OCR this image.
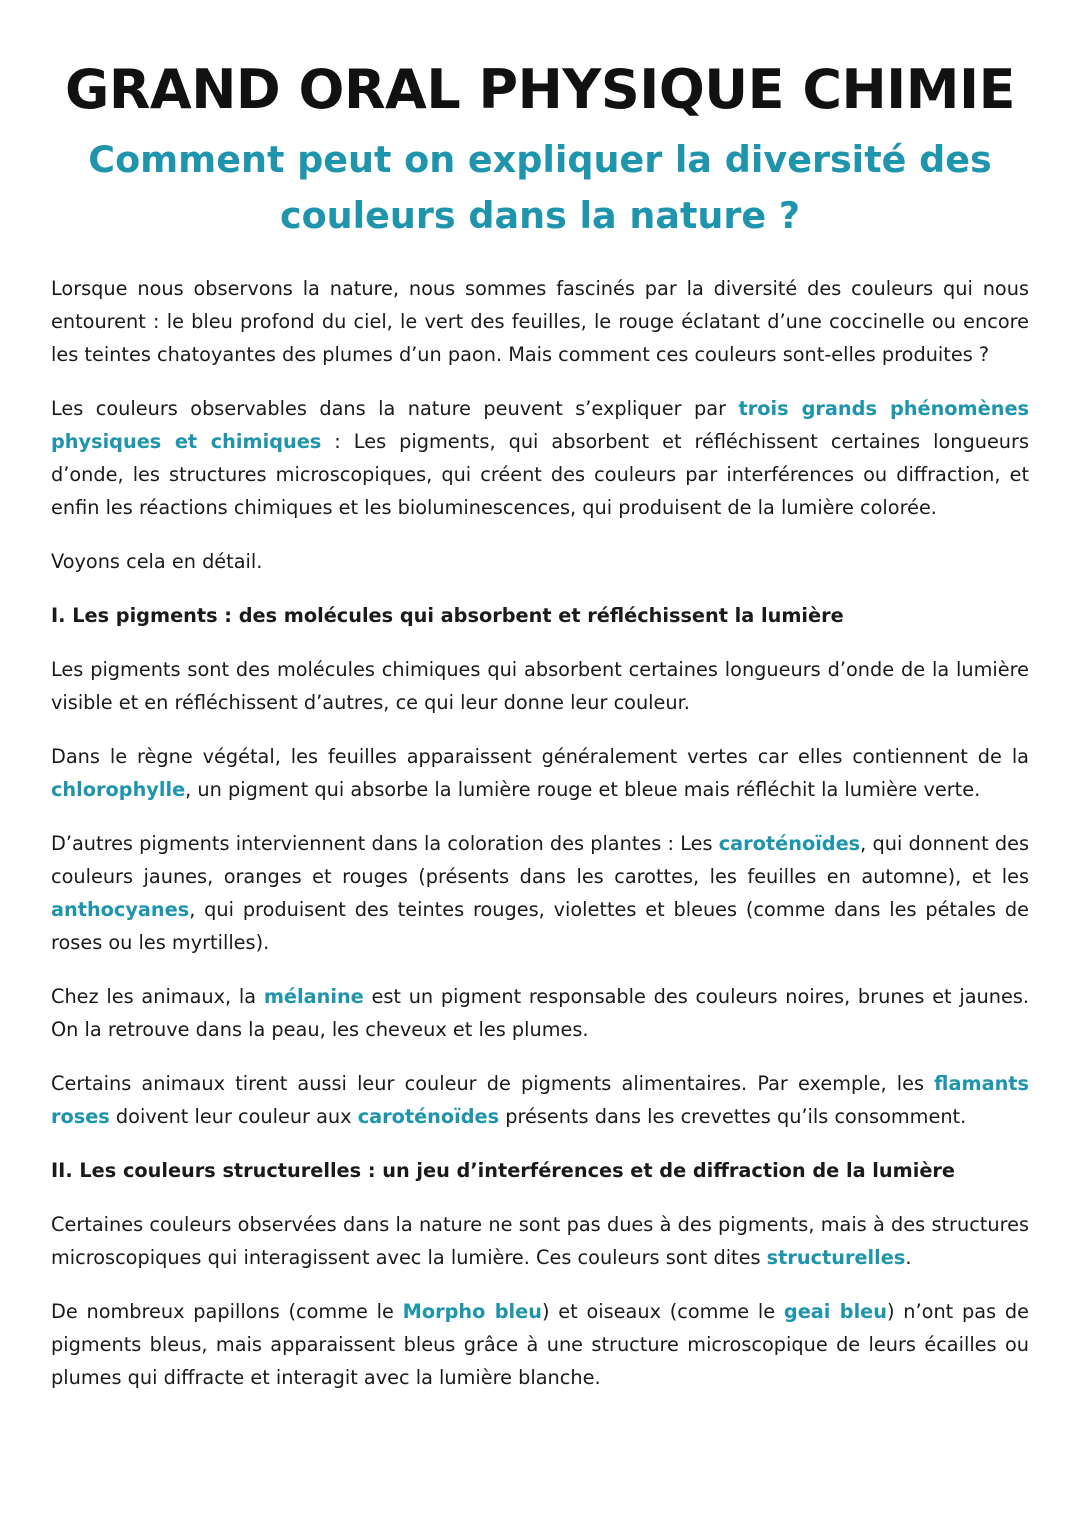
GRAND ORAL PHYSIQUE CHIMIE
Comment peut on expliquer la diversité des
couleurs dans la nature ?

Lorsque nous observons la nature, nous sommes fascinés par la diversité des couleurs qui nous entourent : le bleu profond du ciel, le vert des feuilles, le rouge éclatant d’une coccinelle ou encore les teintes chatoyantes des plumes d’un paon. Mais comment ces couleurs sont-elles produites ?

Les couleurs observables dans la nature peuvent s’expliquer par trois grands phénomènes physiques et chimiques : Les pigments, qui absorbent et réfléchissent certaines longueurs d’onde, les structures microscopiques, qui créent des couleurs par interférences ou diffraction, et enfin les réactions chimiques et les bioluminescences, qui produisent de la lumière colorée.

Voyons cela en détail.

I. Les pigments : des molécules qui absorbent et réfléchissent la lumière

Les pigments sont des molécules chimiques qui absorbent certaines longueurs d’onde de la lumière visible et en réfléchissent d’autres, ce qui leur donne leur couleur.

Dans le règne végétal, les feuilles apparaissent généralement vertes car elles contiennent de la chlorophylle, un pigment qui absorbe la lumière rouge et bleue mais réfléchit la lumière verte.

D’autres pigments interviennent dans la coloration des plantes : Les caroténoïdes, qui donnent des couleurs jaunes, oranges et rouges (présents dans les carottes, les feuilles en automne), et les anthocyanes, qui produisent des teintes rouges, violettes et bleues (comme dans les pétales de roses ou les myrtilles).

Chez les animaux, la mélanine est un pigment responsable des couleurs noires, brunes et jaunes. On la retrouve dans la peau, les cheveux et les plumes.

Certains animaux tirent aussi leur couleur de pigments alimentaires. Par exemple, les flamants roses doivent leur couleur aux caroténoïdes présents dans les crevettes qu’ils consomment.

II. Les couleurs structurelles : un jeu d’interférences et de diffraction de la lumière

Certaines couleurs observées dans la nature ne sont pas dues à des pigments, mais à des structures microscopiques qui interagissent avec la lumière. Ces couleurs sont dites structurelles.

De nombreux papillons (comme le Morpho bleu) et oiseaux (comme le geai bleu) n’ont pas de pigments bleus, mais apparaissent bleus grâce à une structure microscopique de leurs écailles ou plumes qui diffracte et interagit avec la lumière blanche.
